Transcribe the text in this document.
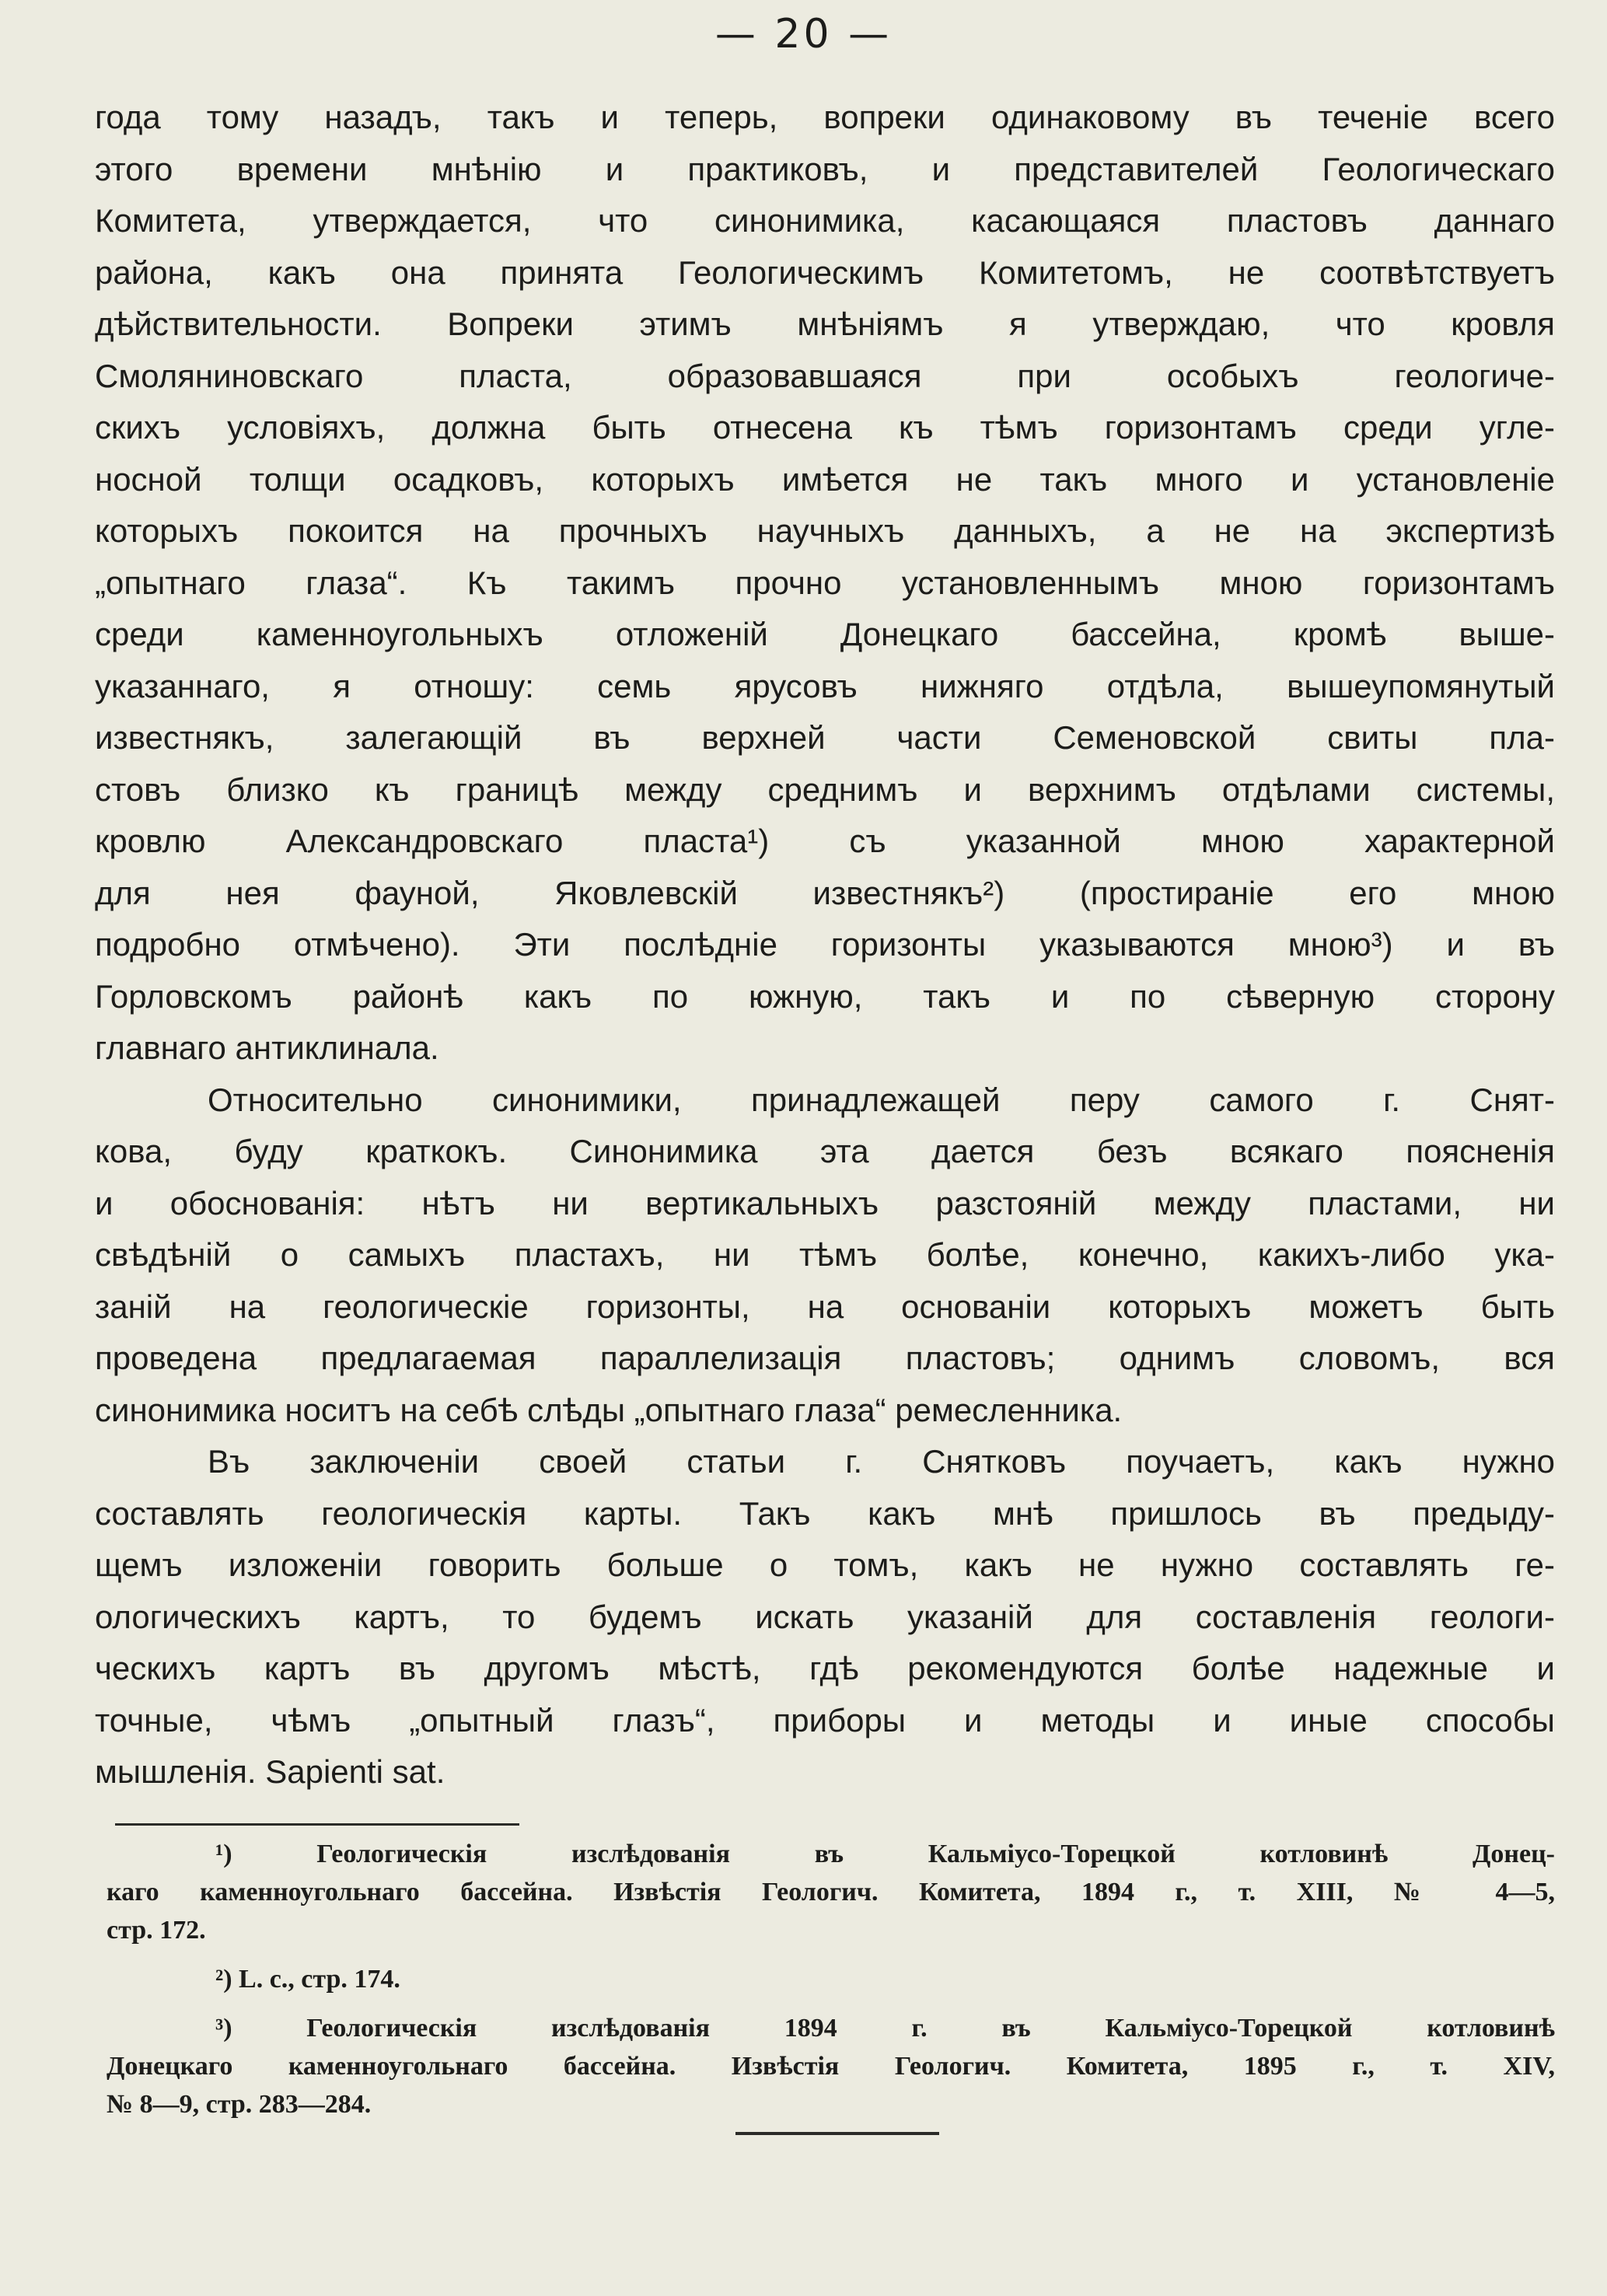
— 20 —
года тому назадъ, такъ и теперь, вопреки одинаковому въ теченіе всего
этого времени мнѣнію и практиковъ, и представителей Геологическаго
Комитета, утверждается, что синонимика, касающаяся пластовъ даннаго
района, какъ она принята Геологическимъ Комитетомъ, не соотвѣтствуетъ
дѣйствительности. Вопреки этимъ мнѣніямъ я утверждаю, что кровля
Смоляниновскаго пласта, образовавшаяся при особыхъ геологиче-
скихъ условіяхъ, должна быть отнесена къ тѣмъ горизонтамъ среди угле-
носной толщи осадковъ, которыхъ имѣется не такъ много и установленіе
которыхъ покоится на прочныхъ научныхъ данныхъ, а не на экспертизѣ
„опытнаго глаза“. Къ такимъ прочно установленнымъ мною горизонтамъ
среди каменноугольныхъ отложеній Донецкаго бассейна, кромѣ выше-
указаннаго, я отношу: семь ярусовъ нижняго отдѣла, вышеупомянутый
известнякъ, залегающій въ верхней части Семеновской свиты пла-
стовъ близко къ границѣ между среднимъ и верхнимъ отдѣлами системы,
кровлю Александровскаго пласта¹) съ указанной мною характерной
для нея фауной, Яковлевскій известнякъ²) (простираніе его мною
подробно отмѣчено). Эти послѣдніе горизонты указываются мною³) и въ
Горловскомъ районѣ какъ по южную, такъ и по сѣверную сторону
главнаго антиклинала.
Относительно синонимики, принадлежащей перу самого г. Снят-
кова, буду краткокъ. Синонимика эта дается безъ всякаго поясненія
и обоснованія: нѣтъ ни вертикальныхъ разстояній между пластами, ни
свѣдѣній о самыхъ пластахъ, ни тѣмъ болѣе, конечно, какихъ-либо ука-
заній на геологическіе горизонты, на основаніи которыхъ можетъ быть
проведена предлагаемая параллелизація пластовъ; однимъ словомъ, вся
синонимика носитъ на себѣ слѣды „опытнаго глаза“ ремесленника.
Въ заключеніи своей статьи г. Снятковъ поучаетъ, какъ нужно
составлять геологическія карты. Такъ какъ мнѣ пришлось въ предыду-
щемъ изложеніи говорить больше о томъ, какъ не нужно составлять ге-
ологическихъ картъ, то будемъ искать указаній для составленія геологи-
ческихъ картъ въ другомъ мѣстѣ, гдѣ рекомендуются болѣе надежные и
точные, чѣмъ „опытный глазъ“, приборы и методы и иные способы
мышленія. Sapienti sat.
¹) Геологическія изслѣдованія въ Кальміусо-Торецкой котловинѣ Донец-
каго каменноугольнаго бассейна. Извѣстія Геологич. Комитета, 1894 г., т. XIII, № 4—5,
стр. 172.
²) L. c., стр. 174.
³) Геологическія изслѣдованія 1894 г. въ Кальміусо-Торецкой котловинѣ
Донецкаго каменноугольнаго бассейна. Извѣстія Геологич. Комитета, 1895 г., т. XIV,
№ 8—9, стр. 283—284.
